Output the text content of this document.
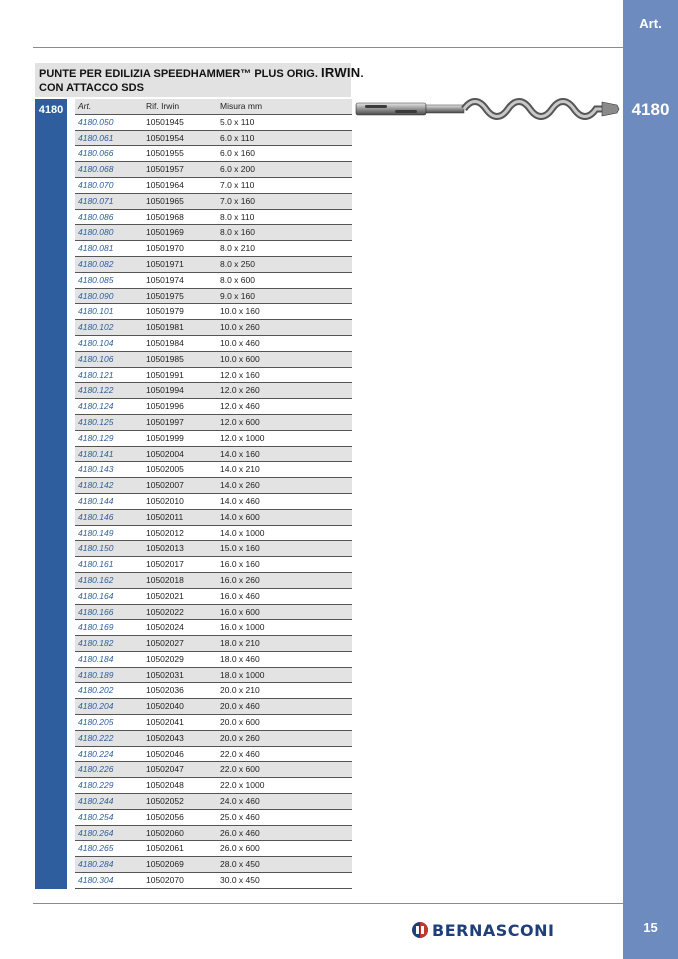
Art.
4180
15
PUNTE PER EDILIZIA SPEEDHAMMER™ PLUS ORIG. IRWIN.
CON ATTACCO SDS
4180	Art.	Rif. Irwin	Misura mm
4180.050	10501945	5.0 x 110
4180.061	10501954	6.0 x 110
4180.066	10501955	6.0 x 160
4180.068	10501957	6.0 x 200
4180.070	10501964	7.0 x 110
4180.071	10501965	7.0 x 160
4180.086	10501968	8.0 x 110
4180.080	10501969	8.0 x 160
4180.081	10501970	8.0 x 210
4180.082	10501971	8.0 x 250
4180.085	10501974	8.0 x 600
4180.090	10501975	9.0 x 160
4180.101	10501979	10.0 x 160
4180.102	10501981	10.0 x 260
4180.104	10501984	10.0 x 460
4180.106	10501985	10.0 x 600
4180.121	10501991	12.0 x 160
4180.122	10501994	12.0 x 260
4180.124	10501996	12.0 x 460
4180.125	10501997	12.0 x 600
4180.129	10501999	12.0 x 1000
4180.141	10502004	14.0 x 160
4180.143	10502005	14.0 x 210
4180.142	10502007	14.0 x 260
4180.144	10502010	14.0 x 460
4180.146	10502011	14.0 x 600
4180.149	10502012	14.0 x 1000
4180.150	10502013	15.0 x 160
4180.161	10502017	16.0 x 160
4180.162	10502018	16.0 x 260
4180.164	10502021	16.0 x 460
4180.166	10502022	16.0 x 600
4180.169	10502024	16.0 x 1000
4180.182	10502027	18.0 x 210
4180.184	10502029	18.0 x 460
4180.189	10502031	18.0 x 1000
4180.202	10502036	20.0 x 210
4180.204	10502040	20.0 x 460
4180.205	10502041	20.0 x 600
4180.222	10502043	20.0 x 260
4180.224	10502046	22.0 x 460
4180.226	10502047	22.0 x 600
4180.229	10502048	22.0 x 1000
4180.244	10502052	24.0 x 460
4180.254	10502056	25.0 x 460
4180.264	10502060	26.0 x 460
4180.265	10502061	26.0 x 600
4180.284	10502069	28.0 x 450
4180.304	10502070	30.0 x 450
BERNASCONI
